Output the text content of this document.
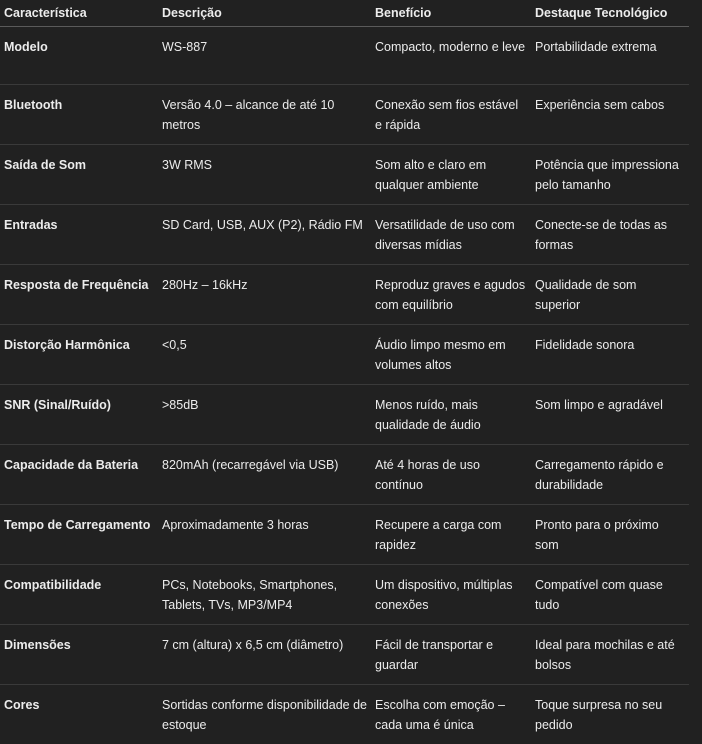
Característica	Descrição	Benefício	Destaque Tecnológico
Modelo	WS-887	Compacto, moderno e leve	Portabilidade extrema
Bluetooth	Versão 4.0 – alcance de até 10 metros	Conexão sem fios estável e rápida	Experiência sem cabos
Saída de Som	3W RMS	Som alto e claro em qualquer ambiente	Potência que impressiona pelo tamanho
Entradas	SD Card, USB, AUX (P2), Rádio FM	Versatilidade de uso com diversas mídias	Conecte-se de todas as formas
Resposta de Frequência	280Hz – 16kHz	Reproduz graves e agudos com equilíbrio	Qualidade de som superior
Distorção Harmônica	<0,5	Áudio limpo mesmo em volumes altos	Fidelidade sonora
SNR (Sinal/Ruído)	>85dB	Menos ruído, mais qualidade de áudio	Som limpo e agradável
Capacidade da Bateria	820mAh (recarregável via USB)	Até 4 horas de uso contínuo	Carregamento rápido e durabilidade
Tempo de Carregamento	Aproximadamente 3 horas	Recupere a carga com rapidez	Pronto para o próximo som
Compatibilidade	PCs, Notebooks, Smartphones, Tablets, TVs, MP3/MP4	Um dispositivo, múltiplas conexões	Compatível com quase tudo
Dimensões	7 cm (altura) x 6,5 cm (diâmetro)	Fácil de transportar e guardar	Ideal para mochilas e até bolsos
Cores	Sortidas conforme disponibilidade de estoque	Escolha com emoção – cada uma é única	Toque surpresa no seu pedido
